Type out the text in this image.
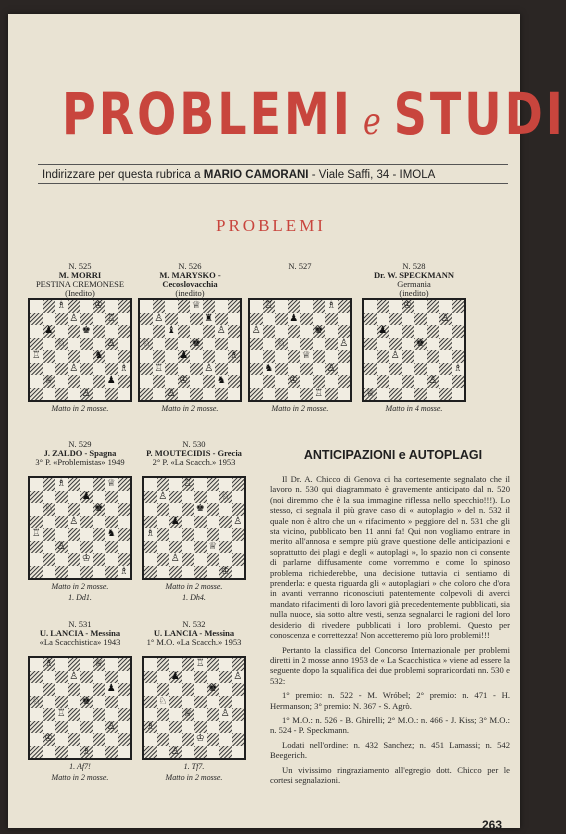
PROBLEMI e STUDI
Indirizzare per questa rubrica a MARIO CAMORANI - Viale Saffi, 34 - IMOLA
PROBLEMI
N. 525
M. MORRI
PESTINA CREMONESE
(Inedito)
♗	♔
♙	♖
♟	♚
♘	♙
♖	♞
♙	♗
♕	♟
♙
Matto in 2 mosse.
N. 526
M. MARYSKO - Cecoslovacchia
(inedito)
♕
♙	♜
♝	♙
♘	♚
♟	♗
♖	♙
♔	♞
♙
Matto in 2 mosse.
N. 527
♖	♗
♟
♙	♚
♘	♙
♕
♞	♙
♔
♖
Matto in 2 mosse.
N. 528
Dr. W. SPECKMANN
Germania
(inedito)
♔
♙
♟
♚
♙
♗
♙
♕
Matto in 4 mosse.
N. 529
J. ZALDO - Spagna
3° P. «Problemistas» 1949
♗	♕
♟
♘	♚
♙
♖	♞
♙
♔
♗
Matto in 2 mosse.
1. Dd1.
N. 530
P. MOUTECIDIS - Grecia
2° P. «La Scacch.» 1953
♖
♙	♘
♚
♟	♙
♗
♕
♙
♔
Matto in 2 mosse.
1. Dh4.
N. 531
U. LANCIA - Messina
«La Scacchistica» 1943
♗	♕
♙
♟
♘	♚
♖
♙
♔
♗
1. Af7!
Matto in 2 mosse.
N. 532
U. LANCIA - Messina
1° M.O. «La Scacch.» 1953
♖
♟	♙
♚
♘
♕	♙
♗
♔
♙
1. Tf7.
Matto in 2 mosse.
ANTICIPAZIONI e AUTOPLAGI

Il Dr. A. Chicco di Genova ci ha cortesemente segnalato che il lavoro n. 530 qui diagrammato è gravemente anticipato dal n. 520 (noi diremmo che è la sua immagine riflessa nello specchio!!!). Lo stesso, ci segnala il più grave caso di « autoplagio » del n. 532 il quale non è altro che un « rifacimento » peggiore del n. 531 che gli sta vicino, pubblicato ben 11 anni fa! Qui non vogliamo entrare in merito all'annosa e sempre più grave questione delle anticipazioni e soprattutto dei plagi e degli « autoplagi », lo spazio non ci consente di parlarne diffusamente come vorremmo e come lo spinoso problema richiederebbe, una decisione tuttavia ci sentiamo di prenderla: e questa riguarda gli « autoplagiari » che coloro che d'ora in avanti verranno riconosciuti patentemente colpevoli di averci mandato rifacimenti di loro lavori già precedentemente pubblicati, sia nulla nuoce, sia sotto altre vesti, senza segnalarci le ragioni del loro desiderio di rivedere pubblicati i loro problemi. Questo per conoscenza e correttezza! Non accetteremo più loro problemi!!!

Pertanto la classifica del Concorso Internazionale per problemi diretti in 2 mosse anno 1953 de « La Scacchistica » viene ad essere la seguente dopo la squalifica dei due problemi sopraricordati nn. 530 e 532:

1° premio: n. 522 - M. Wróbel; 2° premio: n. 471 - H. Hermanson; 3° premio: N. 367 - S. Agrò.

1° M.O.: n. 526 - B. Ghirelli; 2° M.O.: n. 466 - J. Kiss; 3° M.O.: n. 524 - P. Speckmann.

Lodati nell'ordine: n. 432 Sanchez; n. 451 Lamassi; n. 542 Beegerich.

Un vivissimo ringraziamento all'egregio dott. Chicco per le cortesi segnalazioni.

263
